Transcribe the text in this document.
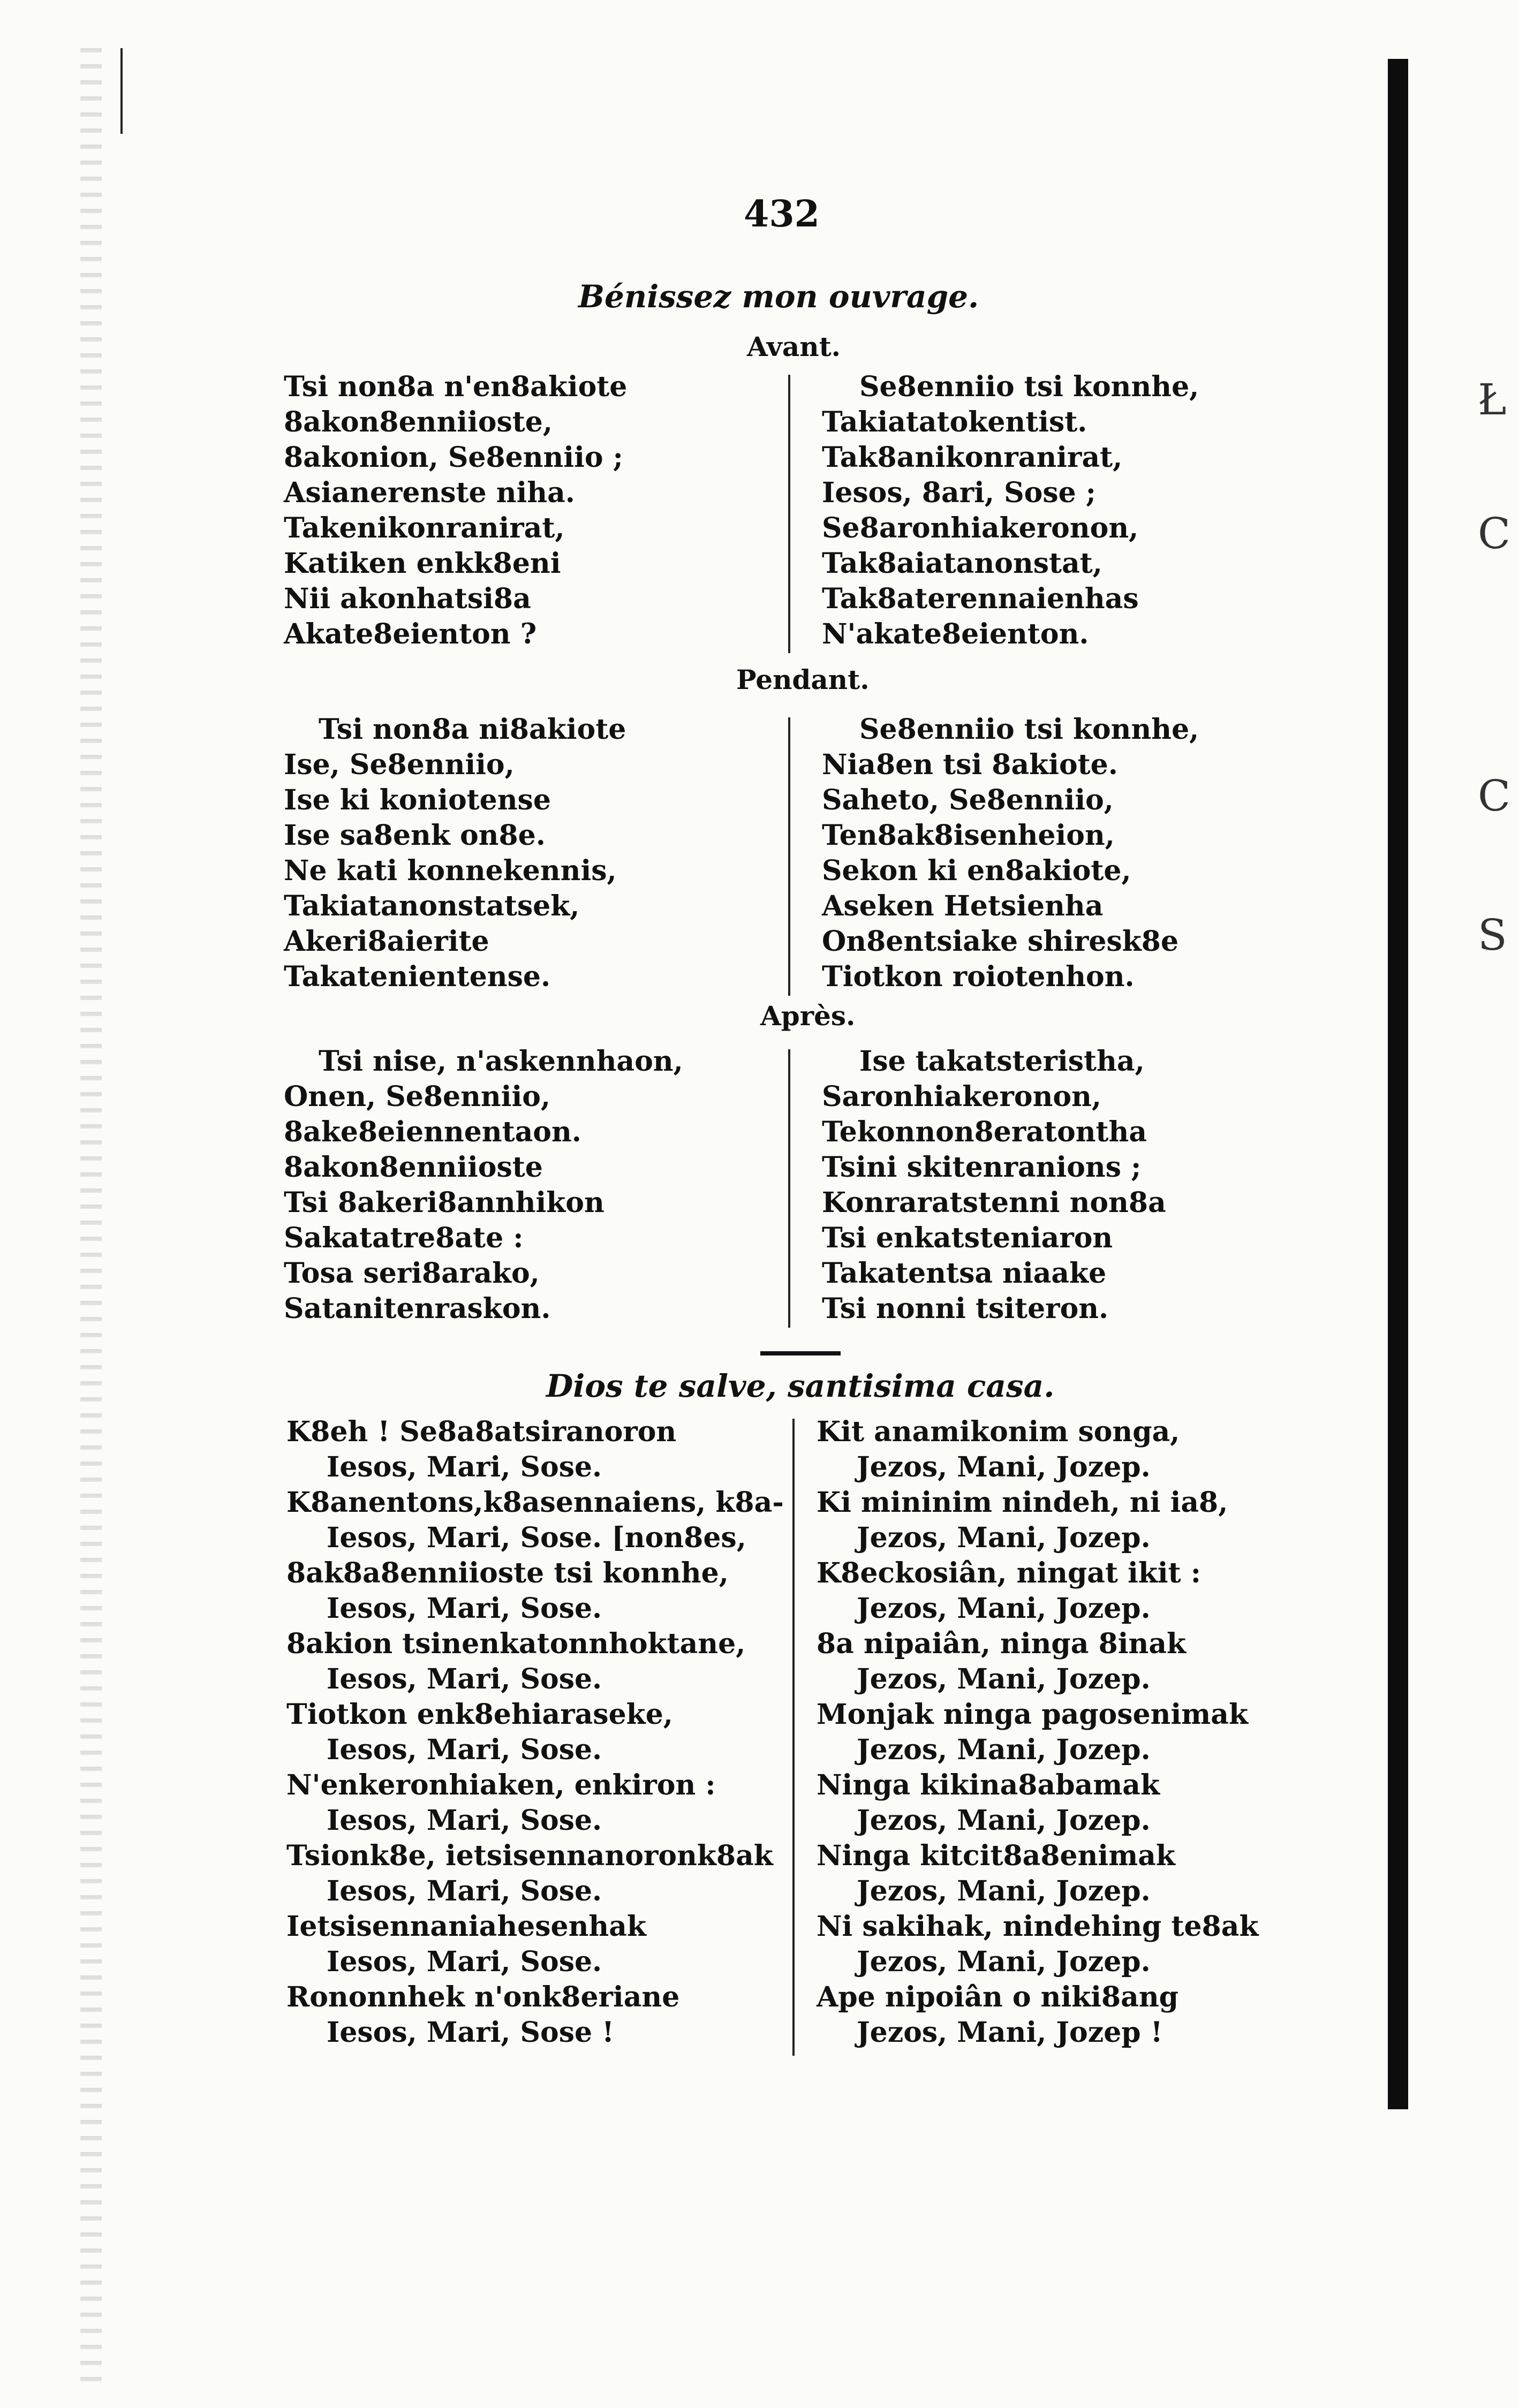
Ł
C
C
S
432
Bénissez mon ouvrage.
Avant.
Tsi non8a n'en8akiote
8akon8enniioste,
8akonion, Se8enniio ;
Asianerenste niha.
Takenikonranirat,
Katiken enkk8eni
Nii akonhatsi8a
Akate8eienton ?
Se8enniio tsi konnhe,
Takiatatokentist.
Tak8anikonranirat,
Iesos, 8ari, Sose ;
Se8aronhiakeronon,
Tak8aiatanonstat,
Tak8aterennaienhas
N'akate8eienton.
Pendant.
Tsi non8a ni8akiote
Ise, Se8enniio,
Ise ki koniotense
Ise sa8enk on8e.
Ne kati konnekennis,
Takiatanonstatsek,
Akeri8aierite
Takatenientense.
Se8enniio tsi konnhe,
Nia8en tsi 8akiote.
Saheto, Se8enniio,
Ten8ak8isenheion,
Sekon ki en8akiote,
Aseken Hetsienha
On8entsiake shiresk8e
Tiotkon roiotenhon.
Après.
Tsi nise, n'askennhaon,
Onen, Se8enniio,
8ake8eiennentaon.
8akon8enniioste
Tsi 8akeri8annhikon
Sakatatre8ate :
Tosa seri8arako,
Satanitenraskon.
Ise takatsteristha,
Saronhiakeronon,
Tekonnon8eratontha
Tsini skitenranions ;
Konraratstenni non8a
Tsi enkatsteniaron
Takatentsa niaake
Tsi nonni tsiteron.
Dios te salve, santisima casa.
K8eh ! Se8a8atsiranoron
Iesos, Mari, Sose.
K8anentons,k8asennaiens, k8a-
Iesos, Mari, Sose. [non8es,
8ak8a8enniioste tsi konnhe,
Iesos, Mari, Sose.
8akion tsinenkatonnhoktane,
Iesos, Mari, Sose.
Tiotkon enk8ehiaraseke,
Iesos, Mari, Sose.
N'enkeronhiaken, enkiron :
Iesos, Mari, Sose.
Tsionk8e, ietsisennanoronk8ak
Iesos, Mari, Sose.
Ietsisennaniahesenhak
Iesos, Mari, Sose.
Rononnhek n'onk8eriane
Iesos, Mari, Sose !
Kit anamikonim songa,
Jezos, Mani, Jozep.
Ki mininim nindeh, ni ia8,
Jezos, Mani, Jozep.
K8eckosiân, ningat ikit :
Jezos, Mani, Jozep.
8a nipaiân, ninga 8inak
Jezos, Mani, Jozep.
Monjak ninga pagosenimak
Jezos, Mani, Jozep.
Ninga kikina8abamak
Jezos, Mani, Jozep.
Ninga kitcit8a8enimak
Jezos, Mani, Jozep.
Ni sakihak, nindehing te8ak
Jezos, Mani, Jozep.
Ape nipoiân o niki8ang
Jezos, Mani, Jozep !
